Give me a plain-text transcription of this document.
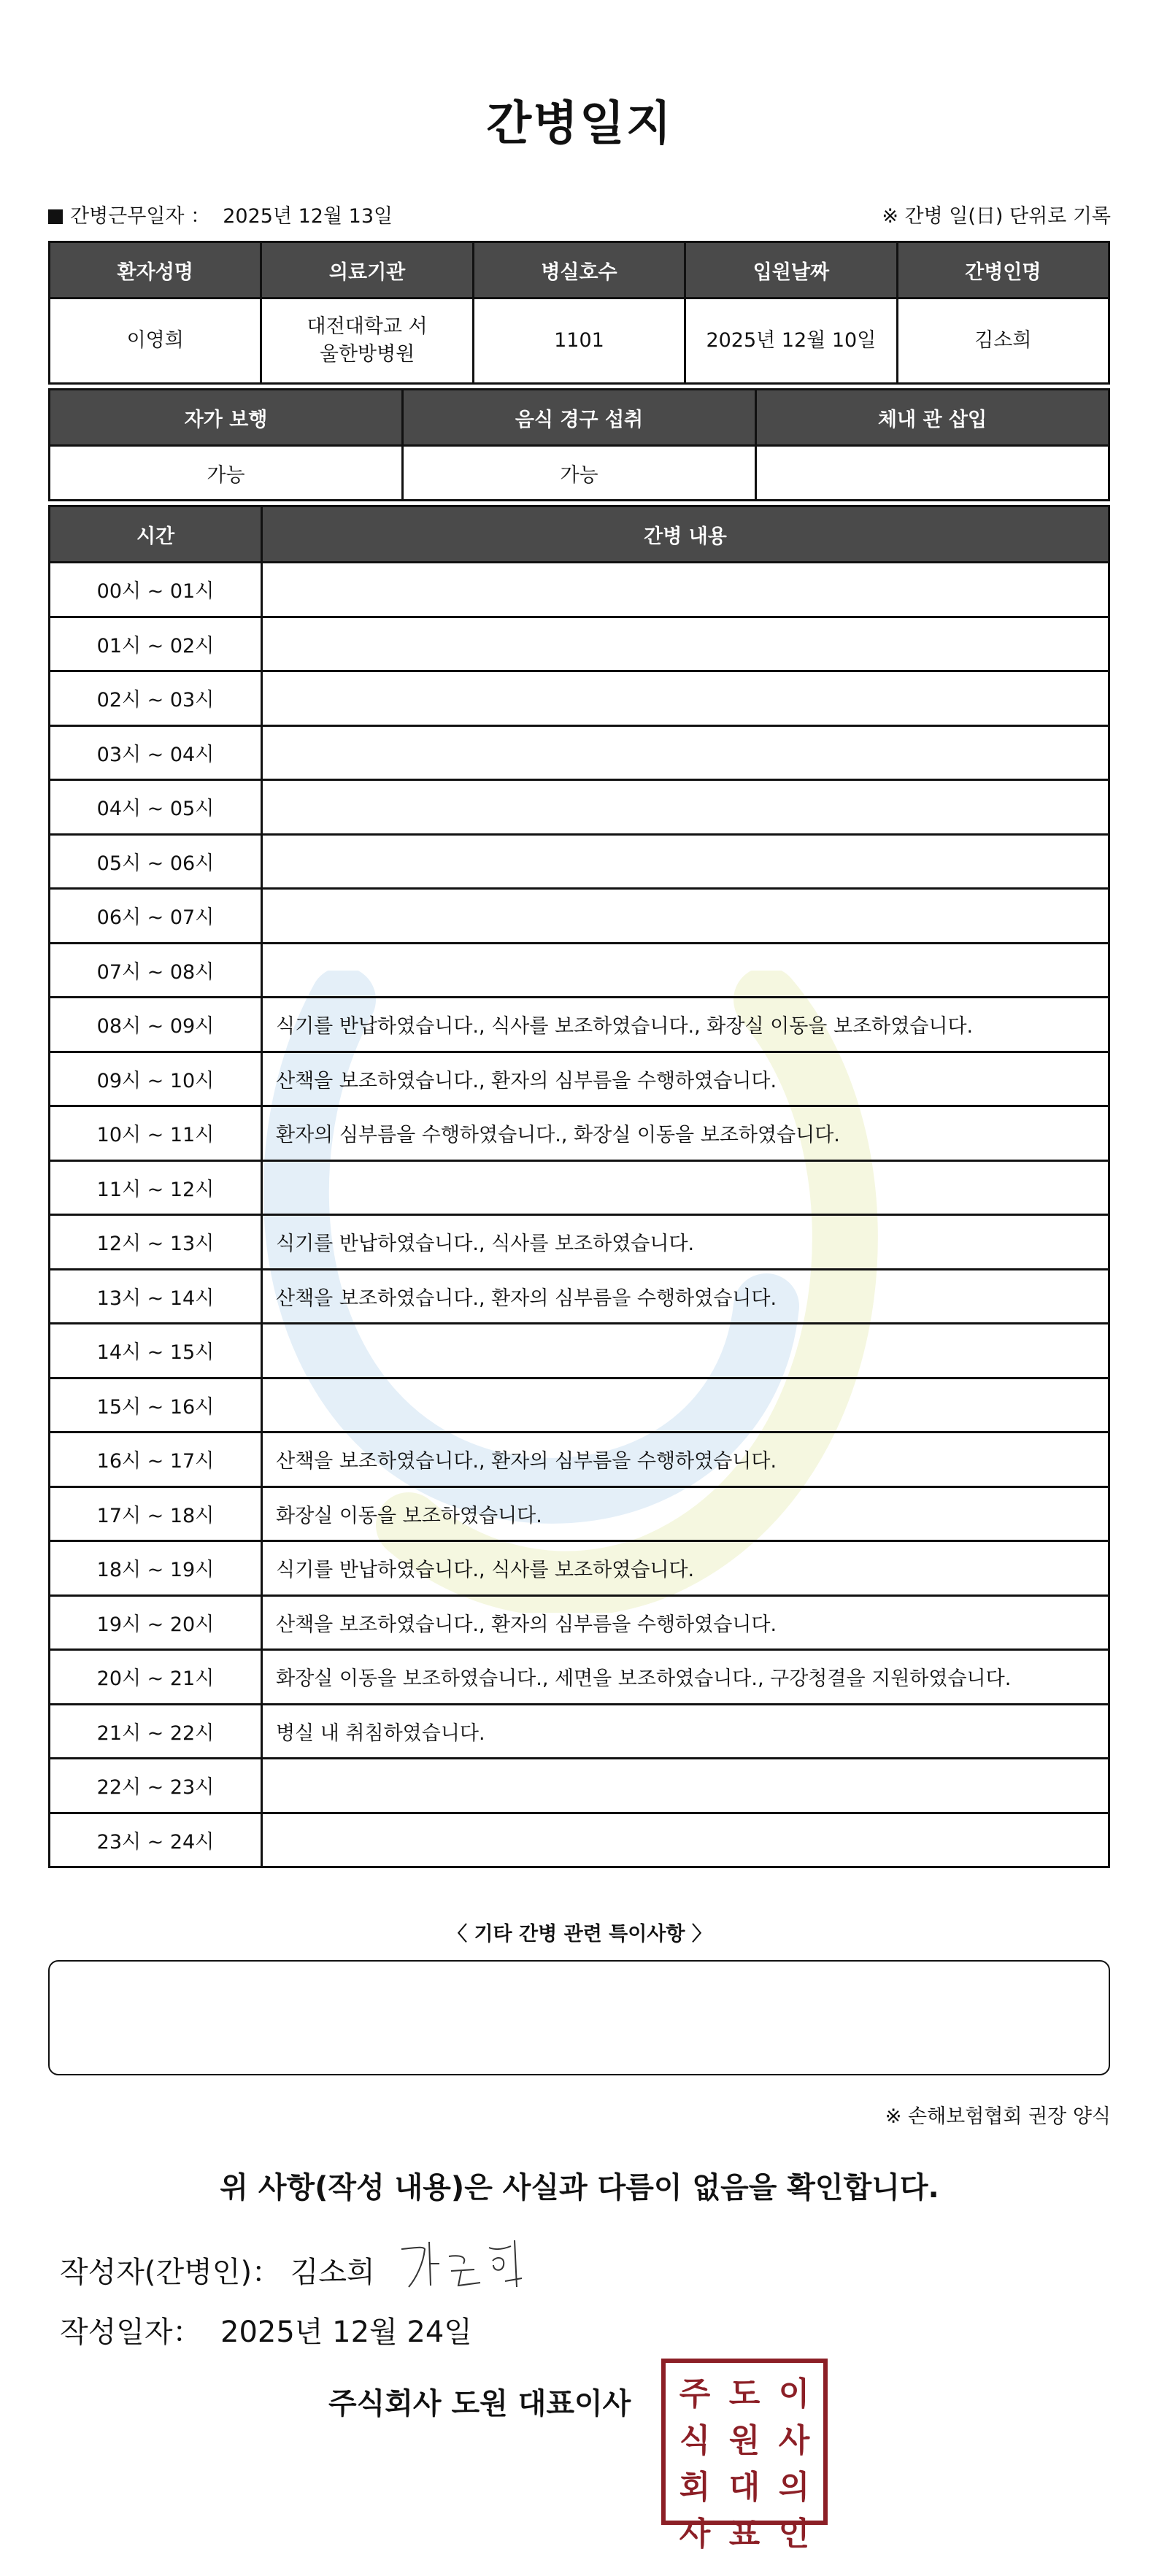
간병일지
간병근무일자 ： 2025년 12월 13일	※ 간병 일(日) 단위로 기록
환자성명	의료기관	병실호수	입원날짜	간병인명
이영희	대전대학교 서울한방병원	1101	2025년 12월 10일	김소희
자가 보행	음식 경구 섭취	체내 관 삽입
가능	가능	
시간	간병 내용
00시 ~ 01시	
01시 ~ 02시	
02시 ~ 03시	
03시 ~ 04시	
04시 ~ 05시	
05시 ~ 06시	
06시 ~ 07시	
07시 ~ 08시	
08시 ~ 09시	식기를 반납하였습니다., 식사를 보조하였습니다., 화장실 이동을 보조하였습니다.
09시 ~ 10시	산책을 보조하였습니다., 환자의 심부름을 수행하였습니다.
10시 ~ 11시	환자의 심부름을 수행하였습니다., 화장실 이동을 보조하였습니다.
11시 ~ 12시	
12시 ~ 13시	식기를 반납하였습니다., 식사를 보조하였습니다.
13시 ~ 14시	산책을 보조하였습니다., 환자의 심부름을 수행하였습니다.
14시 ~ 15시	
15시 ~ 16시	
16시 ~ 17시	산책을 보조하였습니다., 환자의 심부름을 수행하였습니다.
17시 ~ 18시	화장실 이동을 보조하였습니다.
18시 ~ 19시	식기를 반납하였습니다., 식사를 보조하였습니다.
19시 ~ 20시	산책을 보조하였습니다., 환자의 심부름을 수행하였습니다.
20시 ~ 21시	화장실 이동을 보조하였습니다., 세면을 보조하였습니다., 구강청결을 지원하였습니다.
21시 ~ 22시	병실 내 취침하였습니다.
22시 ~ 23시	
23시 ~ 24시	
〈 기타 간병 관련 특이사항 〉
※ 손해보험협회 권장 양식
위 사항(작성 내용)은 사실과 다름이 없음을 확인합니다.
작성자(간병인)： 김소희
작성일자： 2025년 12월 24일
주식회사 도원 대표이사 주 도 이
식 원 사
회 대 의
사 표 인
